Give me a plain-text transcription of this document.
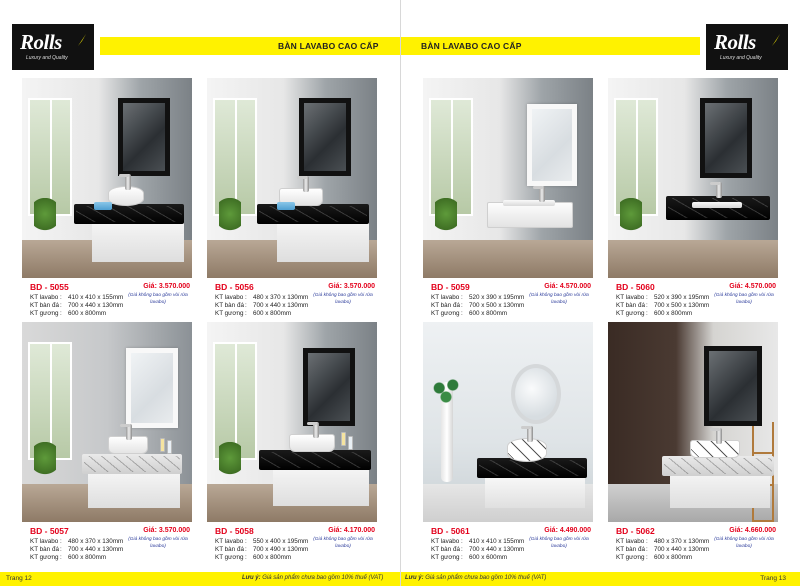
Rolls
Luxury and Quality
BÀN LAVABO CAO CẤP
BD - 5055	Giá: 3.570.000
(Giá không bao gồm vòi rửa lavabo)
KT lavabo : 410 x 410 x 155mm
KT bàn đá: 700 x 440 x 130mm
KT gương: 600 x 800mm
BD - 5056	Giá: 3.570.000
(Giá không bao gồm vòi rửa lavabo)
KT lavabo : 480 x 370 x 130mm
KT bàn đá: 700 x 440 x 130mm
KT gương: 600 x 800mm
BD - 5057	Giá: 3.570.000
(Giá không bao gồm vòi rửa lavabo)
KT lavabo : 480 x 370 x 130mm
KT bàn đá: 700 x 440 x 130mm
KT gương: 600 x 800mm
BD - 5058	Giá: 4.170.000
(Giá không bao gồm vòi rửa lavabo)
KT lavabo : 550 x 400 x 195mm
KT bàn đá: 700 x 490 x 130mm
KT gương: 600 x 800mm
Trang 12	Lưu ý: Giá sản phẩm chưa bao gồm 10% thuế (VAT)
BÀN LAVABO CAO CẤP	Rolls
Luxury and Quality
BD - 5059	Giá: 4.570.000
(Giá không bao gồm vòi rửa lavabo)
KT lavabo : 520 x 390 x 195mm
KT bàn đá: 700 x 500 x 130mm
KT gương: 600 x 800mm
BD - 5060	Giá: 4.570.000
(Giá không bao gồm vòi rửa lavabo)
KT lavabo : 520 x 390 x 195mm
KT bàn đá: 700 x 500 x 130mm
KT gương: 600 x 800mm
BD - 5061	Giá: 4.490.000
(Giá không bao gồm vòi rửa lavabo)
KT lavabo : 410 x 410 x 155mm
KT bàn đá: 700 x 440 x 130mm
KT gương: 600 x 600mm
BD - 5062	Giá: 4.660.000
(Giá không bao gồm vòi rửa lavabo)
KT lavabo : 480 x 370 x 130mm
KT bàn đá: 700 x 440 x 130mm
KT gương: 600 x 800mm
Lưu ý: Giá sản phẩm chưa bao gồm 10% thuế (VAT)	Trang 13
